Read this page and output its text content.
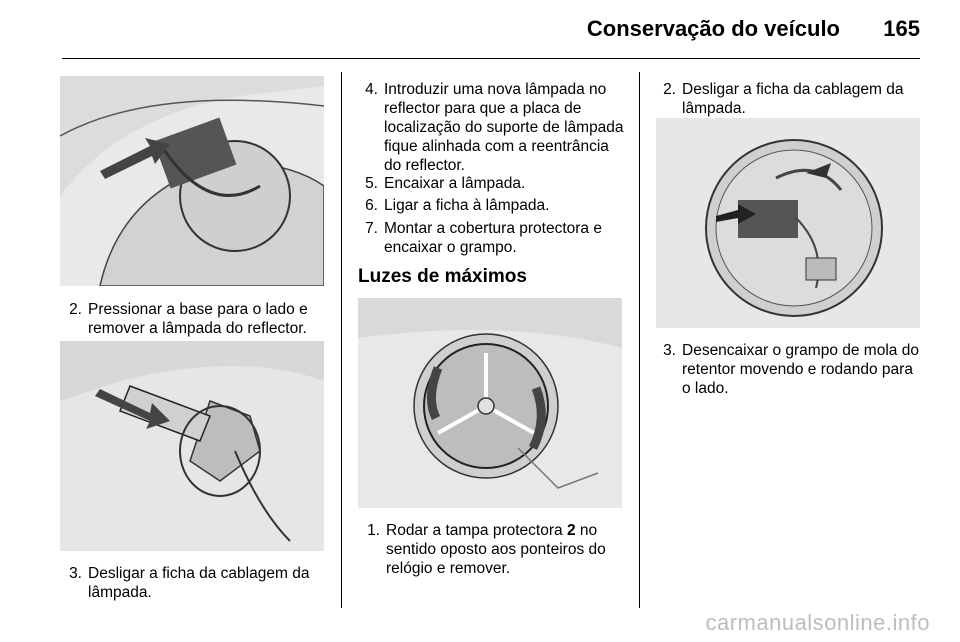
Conservação do veículo 165
2. Pressionar a base para o lado e remover a lâmpada do reflector.
3. Desligar a ficha da cablagem da lâmpada.
4. Introduzir uma nova lâmpada no reflector para que a placa de localização do suporte de lâmpada fique alinhada com a reentrância do reflector.
5. Encaixar a lâmpada.
6. Ligar a ficha à lâmpada.
7. Montar a cobertura protectora e encaixar o grampo.
Luzes de máximos
1. Rodar a tampa protectora 2 no sentido oposto aos ponteiros do relógio e remover.
2. Desligar a ficha da cablagem da lâmpada.
3. Desencaixar o grampo de mola do retentor movendo e rodando para o lado.
carmanualsonline.info
